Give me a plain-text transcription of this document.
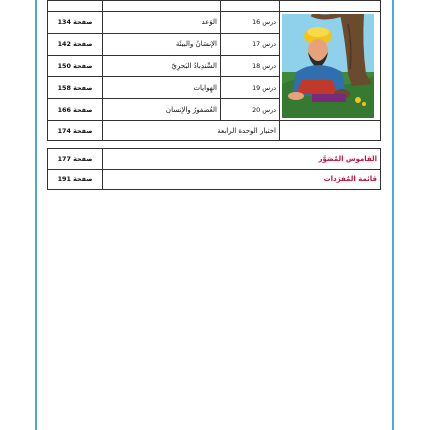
صفحة 134	الوَعد	درس 16	

صفحة 142	الإنسَانُ والبيئَة	درس 17	
صفحة 150	السِّندِبادُ البَحرِيّ	درس 18	
صفحة 158	الهِوايات	درس 19	
صفحة 166	العُصفورُ والإنسان	درس 20	
صفحة 174	اختبار الوحدة الرابعة		

صفحة 177	القاموس المُصَوَّر		
صفحة 191	قائمة المُفرَدات		
